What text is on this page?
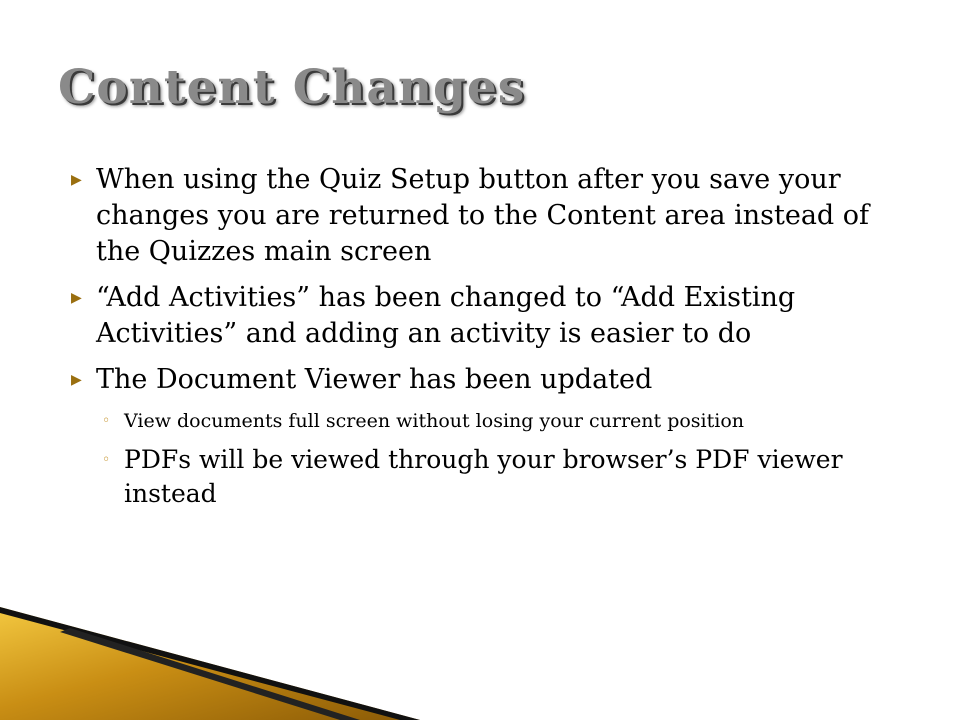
Content Changes
▶ When using the Quiz Setup button after you save your changes you are returned to the Content area instead of the Quizzes main screen
▶ “Add Activities” has been changed to “Add Existing Activities” and adding an activity is easier to do
▶ The Document Viewer has been updated
◦ View documents full screen without losing your current position
◦ PDFs will be viewed through your browser’s PDF viewer instead
